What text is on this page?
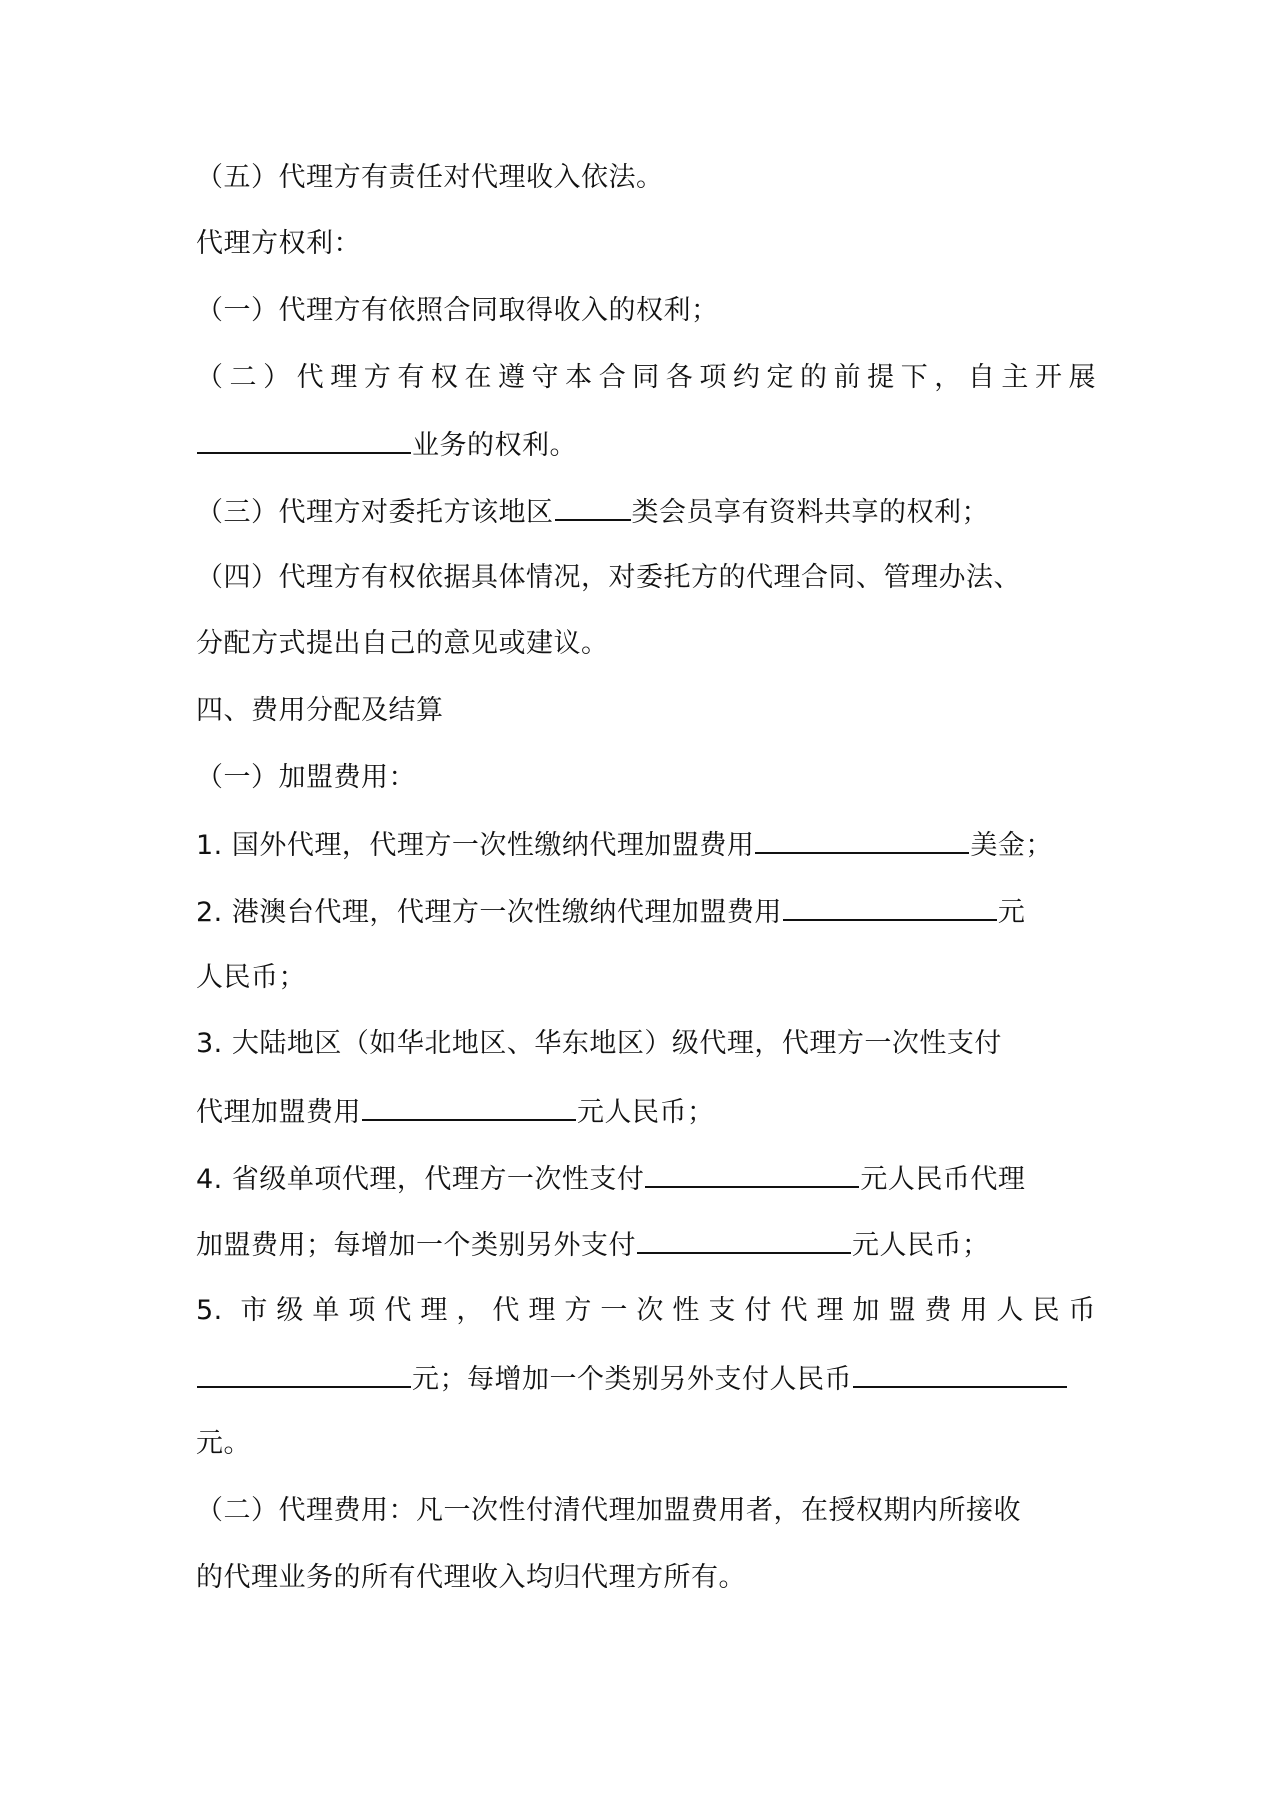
（五）代理方有责任对代理收入依法。
代理方权利：
（一）代理方有依照合同取得收入的权利；
（二）代理方有权在遵守本合同各项约定的前提下，自主开展
业务的权利。
（三）代理方对委托方该地区	类会员享有资料共享的权利；
（四）代理方有权依据具体情况，对委托方的代理合同、管理办法、
分配方式提出自己的意见或建议。
四、费用分配及结算
（一）加盟费用：
1. 国外代理，代理方一次性缴纳代理加盟费用	美金；
2. 港澳台代理，代理方一次性缴纳代理加盟费用	元
人民币；
3. 大陆地区（如华北地区、华东地区）级代理，代理方一次性支付
代理加盟费用	元人民币；
4. 省级单项代理，代理方一次性支付	元人民币代理
加盟费用；每增加一个类别另外支付	元人民币；
5. 市级单项代理，代理方一次性支付代理加盟费用人民币
元；每增加一个类别另外支付人民币
元。
（二）代理费用：凡一次性付清代理加盟费用者，在授权期内所接收
的代理业务的所有代理收入均归代理方所有。
